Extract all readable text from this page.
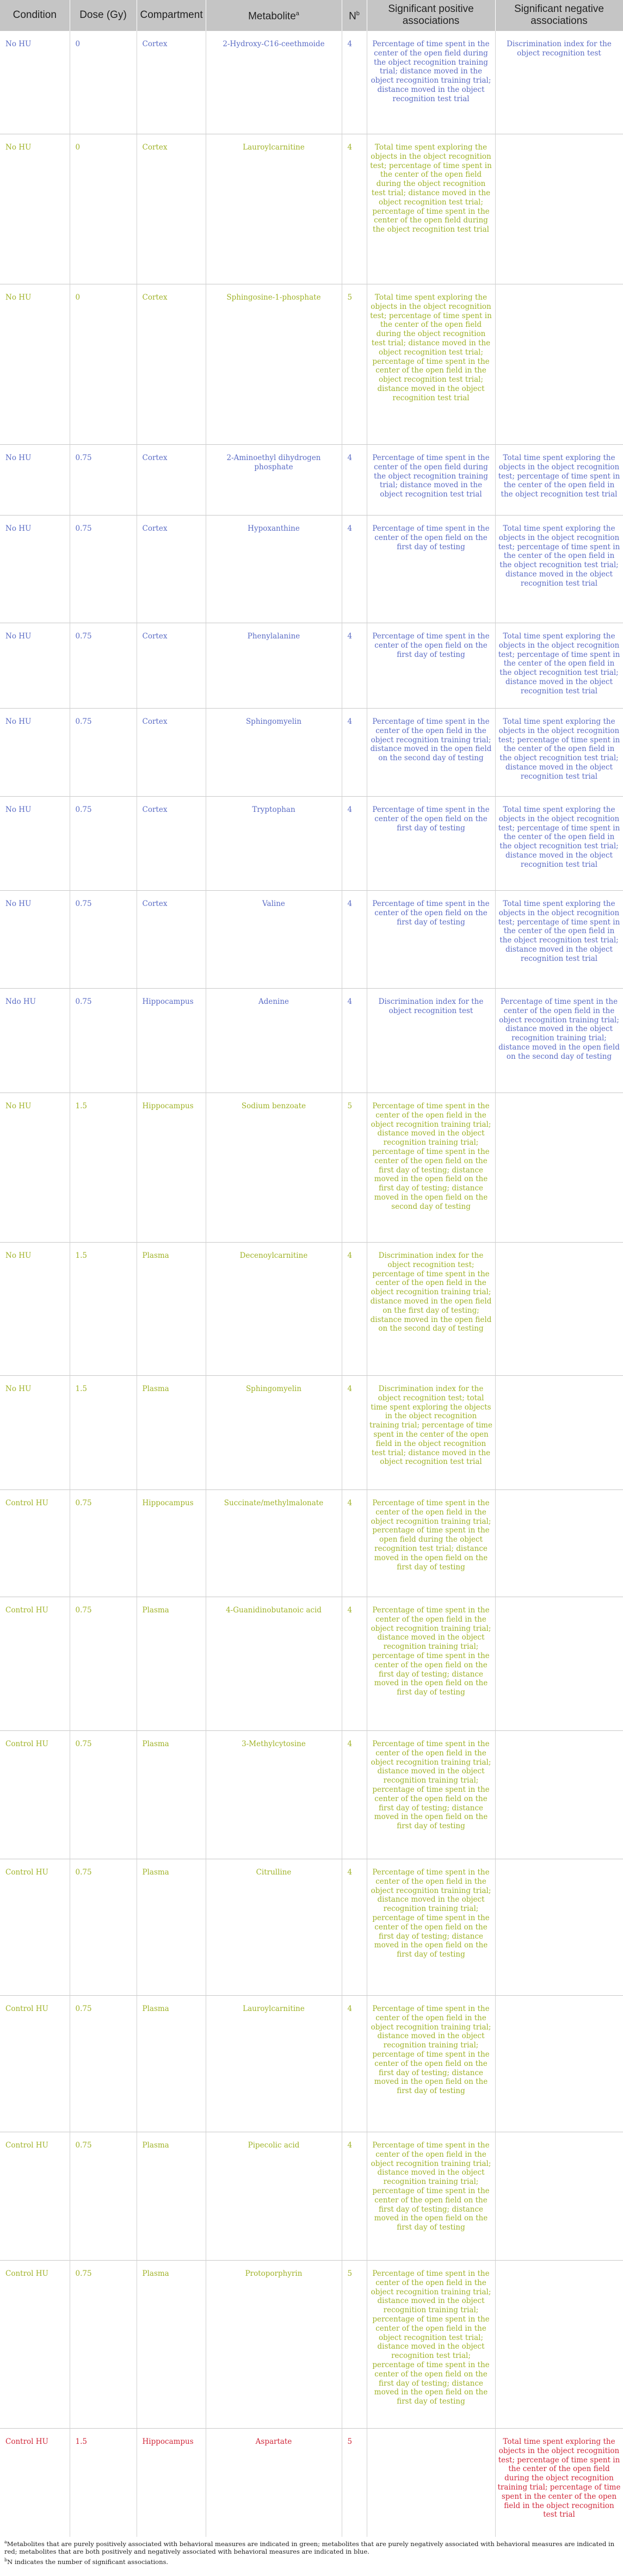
Condition	Dose (Gy)	Compartment	Metabolite$^a$	$N^b$	Significant positive associations	Significant negative associations
No HU	0	Cortex	2-Hydroxy-C16-ceethmoide	4	Percentage of time spent in the center of the open field during the object recognition training trial; distance moved in the object recognition training trial; distance moved in the object recognition test trial	Discrimination index for the object recognition test
No HU	0	Cortex	Lauroylcarnitine	4	Total time spent exploring the objects in the object recognition test; percentage of time spent in the center of the open field during the object recognition test trial; distance moved in the object recognition test trial; percentage of time spent in the center of the open field during the object recognition test trial	
No HU	0	Cortex	Sphingosine-1-phosphate	5	Total time spent exploring the objects in the object recognition test; percentage of time spent in the center of the open field during the object recognition test trial; distance moved in the object recognition test trial; percentage of time spent in the center of the open field in the object recognition test trial; distance moved in the object recognition test trial	
No HU	0.75	Cortex	2-Aminoethyl dihydrogen phosphate	4	Percentage of time spent in the center of the open field during the object recognition training trial; distance moved in the object recognition test trial	Total time spent exploring the objects in the object recognition test; percentage of time spent in the center of the open field in the object recognition test trial
No HU	0.75	Cortex	Hypoxanthine	4	Percentage of time spent in the center of the open field on the first day of testing	Total time spent exploring the objects in the object recognition test; percentage of time spent in the center of the open field in the object recognition test trial; distance moved in the object recognition test trial
No HU	0.75	Cortex	Phenylalanine	4	Percentage of time spent in the center of the open field on the first day of testing	Total time spent exploring the objects in the object recognition test; percentage of time spent in the center of the open field in the object recognition test trial; distance moved in the object recognition test trial
No HU	0.75	Cortex	Sphingomyelin	4	Percentage of time spent in the center of the open field in the object recognition training trial; distance moved in the open field on the second day of testing	Total time spent exploring the objects in the object recognition test; percentage of time spent in the center of the open field in the object recognition test trial; distance moved in the object recognition test trial
No HU	0.75	Cortex	Tryptophan	4	Percentage of time spent in the center of the open field on the first day of testing	Total time spent exploring the objects in the object recognition test; percentage of time spent in the center of the open field in the object recognition test trial; distance moved in the object recognition test trial
No HU	0.75	Cortex	Valine	4	Percentage of time spent in the center of the open field on the first day of testing	Total time spent exploring the objects in the object recognition test; percentage of time spent in the center of the open field in the object recognition test trial; distance moved in the object recognition test trial
Ndo HU	0.75	Hippocampus	Adenine	4	Discrimination index for the object recognition test	Percentage of time spent in the center of the open field in the object recognition training trial; distance moved in the object recognition training trial; distance moved in the open field on the second day of testing
No HU	1.5	Hippocampus	Sodium benzoate	5	Percentage of time spent in the center of the open field in the object recognition training trial; distance moved in the object recognition training trial; percentage of time spent in the center of the open field on the first day of testing; distance moved in the open field on the first day of testing; distance moved in the open field on the second day of testing	
No HU	1.5	Plasma	Decenoylcarnitine	4	Discrimination index for the object recognition test; percentage of time spent in the center of the open field in the object recognition training trial; distance moved in the open field on the first day of testing; distance moved in the open field on the second day of testing	
No HU	1.5	Plasma	Sphingomyelin	4	Discrimination index for the object recognition test; total time spent exploring the objects in the object recognition training trial; percentage of time spent in the center of the open field in the object recognition test trial; distance moved in the object recognition test trial	
Control HU	0.75	Hippocampus	Succinate/methylmalonate	4	Percentage of time spent in the center of the open field in the object recognition training trial; percentage of time spent in the open field during the object recognition test trial; distance moved in the open field on the first day of testing	
Control HU	0.75	Plasma	4-Guanidinobutanoic acid	4	Percentage of time spent in the center of the open field in the object recognition training trial; distance moved in the object recognition training trial; percentage of time spent in the center of the open field on the first day of testing; distance moved in the open field on the first day of testing	
Control HU	0.75	Plasma	3-Methylcytosine	4	Percentage of time spent in the center of the open field in the object recognition training trial; distance moved in the object recognition training trial; percentage of time spent in the center of the open field on the first day of testing; distance moved in the open field on the first day of testing	
Control HU	0.75	Plasma	Citrulline	4	Percentage of time spent in the center of the open field in the object recognition training trial; distance moved in the object recognition training trial; percentage of time spent in the center of the open field on the first day of testing; distance moved in the open field on the first day of testing	
Control HU	0.75	Plasma	Lauroylcarnitine	4	Percentage of time spent in the center of the open field in the object recognition training trial; distance moved in the object recognition training trial; percentage of time spent in the center of the open field on the first day of testing; distance moved in the open field on the first day of testing	
Control HU	0.75	Plasma	Pipecolic acid	4	Percentage of time spent in the center of the open field in the object recognition training trial; distance moved in the object recognition training trial; percentage of time spent in the center of the open field on the first day of testing; distance moved in the open field on the first day of testing	
Control HU	0.75	Plasma	Protoporphyrin	5	Percentage of time spent in the center of the open field in the object recognition training trial; distance moved in the object recognition training trial; percentage of time spent in the center of the open field in the object recognition test trial; distance moved in the object recognition test trial; percentage of time spent in the center of the open field on the first day of testing; distance moved in the open field on the first day of testing	
Control HU	1.5	Hippocampus	Aspartate	5		Total time spent exploring the objects in the object recognition test; percentage of time spent in the center of the open field during the object recognition training trial; percentage of time spent in the center of the open field in the object recognition test trial
$^a$Metabolites that are purely positively associated with behavioral measures are indicated in green; metabolites that are purely negatively associated with behavioral measures are indicated in red; metabolites that are both positively and negatively associated with behavioral measures are indicated in blue.
$^b$N indicates the number of significant associations.
